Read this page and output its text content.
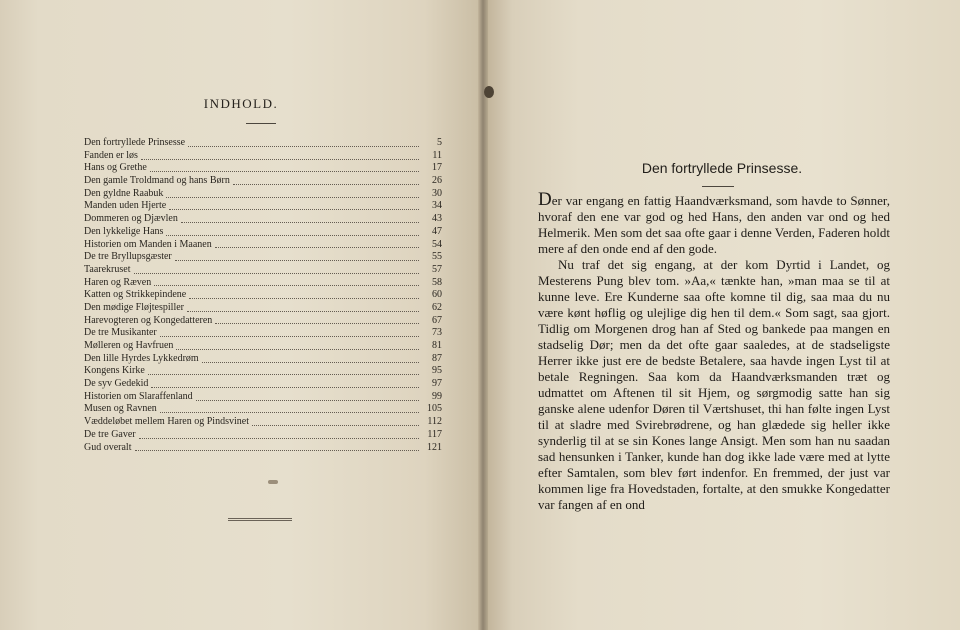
INDHOLD.
Den fortryllede Prinsesse	5
Fanden er løs	11
Hans og Grethe	17
Den gamle Troldmand og hans Børn	26
Den gyldne Raabuk	30
Manden uden Hjerte	34
Dommeren og Djævlen	43
Den lykkelige Hans	47
Historien om Manden i Maanen	54
De tre Bryllupsgæster	55
Taarekruset	57
Haren og Ræven	58
Katten og Strikkepindene	60
Den mødige Fløjtespiller	62
Harevogteren og Kongedatteren	67
De tre Musikanter	73
Mølleren og Havfruen	81
Den lille Hyrdes Lykkedrøm	87
Kongens Kirke	95
De syv Gedekid	97
Historien om Slaraffenland	99
Musen og Ravnen	105
Væddeløbet mellem Haren og Pindsvinet	112
De tre Gaver	117
Gud overalt	121
Den fortryllede Prinsesse.

Der var engang en fattig Haandværksmand, som havde to Sønner, hvoraf den ene var god og hed Hans, den anden var ond og hed Helmerik. Men som det saa ofte gaar i denne Verden, Faderen holdt mere af den onde end af den gode.

Nu traf det sig engang, at der kom Dyrtid i Landet, og Mesterens Pung blev tom. »Aa,« tænkte han, »man maa se til at kunne leve. Ere Kunderne saa ofte komne til dig, saa maa du nu være kønt høflig og ulejlige dig hen til dem.« Som sagt, saa gjort. Tidlig om Morgenen drog han af Sted og bankede paa mangen en stadselig Dør; men da det ofte gaar saaledes, at de stadseligste Herrer ikke just ere de bedste Betalere, saa havde ingen Lyst til at betale Regningen. Saa kom da Haandværksmanden træt og udmattet om Aftenen til sit Hjem, og sørgmodig satte han sig ganske alene udenfor Døren til Værtshuset, thi han følte ingen Lyst til at sladre med Svirebrødrene, og han glædede sig heller ikke synderlig til at se sin Kones lange Ansigt. Men som han nu saadan sad hensunken i Tanker, kunde han dog ikke lade være med at lytte efter Samtalen, som blev ført indenfor. En fremmed, der just var kommen lige fra Hovedstaden, fortalte, at den smukke Kongedatter var fangen af en ond
